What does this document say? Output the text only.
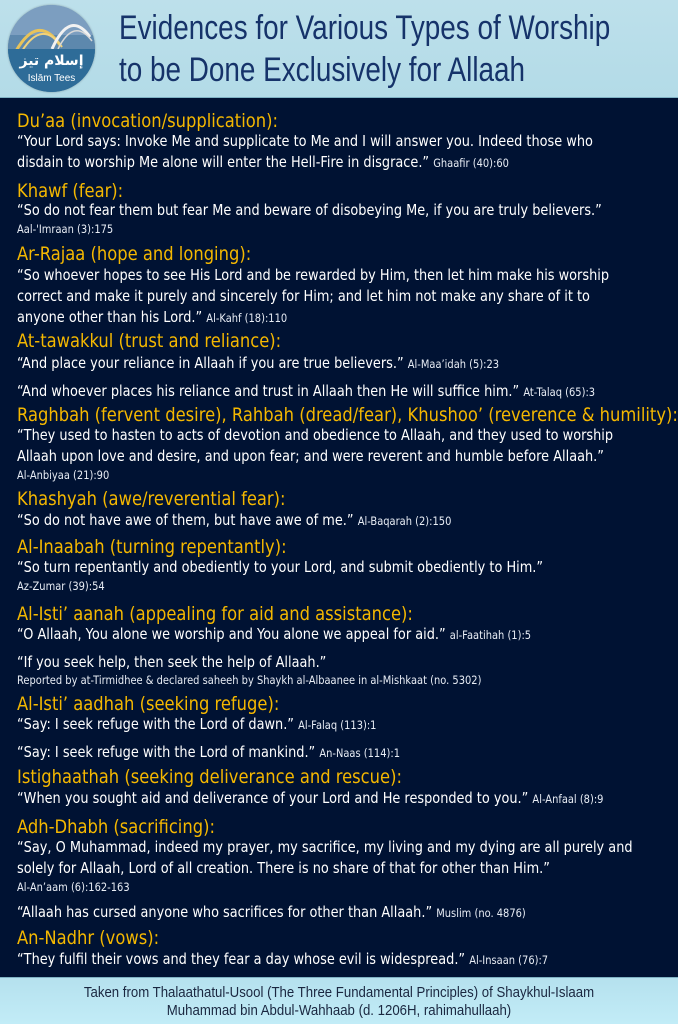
إسلام تيز
Islām Tees
Evidences for Various Types of Worship
to be Done Exclusively for Allaah
Du’aa (invocation/supplication):
“Your Lord says: Invoke Me and supplicate to Me and I will answer you. Indeed those who
disdain to worship Me alone will enter the Hell-Fire in disgrace.” Ghaafir (40):60
Khawf (fear):
“So do not fear them but fear Me and beware of disobeying Me, if you are truly believers.”
Aal-'Imraan (3):175
Ar-Rajaa (hope and longing):
“So whoever hopes to see His Lord and be rewarded by Him, then let him make his worship
correct and make it purely and sincerely for Him; and let him not make any share of it to
anyone other than his Lord.” Al-Kahf (18):110
At-tawakkul (trust and reliance):
“And place your reliance in Allaah if you are true believers.” Al-Maa’idah (5):23
“And whoever places his reliance and trust in Allaah then He will suffice him.” At-Talaq (65):3
Raghbah (fervent desire), Rahbah (dread/fear), Khushoo’ (reverence & humility):
“They used to hasten to acts of devotion and obedience to Allaah, and they used to worship
Allaah upon love and desire, and upon fear; and were reverent and humble before Allaah.”
Al-Anbiyaa (21):90
Khashyah (awe/reverential fear):
“So do not have awe of them, but have awe of me.” Al-Baqarah (2):150
Al-Inaabah (turning repentantly):
“So turn repentantly and obediently to your Lord, and submit obediently to Him.”
Az-Zumar (39):54
Al-Isti’ aanah (appealing for aid and assistance):
“O Allaah, You alone we worship and You alone we appeal for aid.” al-Faatihah (1):5
“If you seek help, then seek the help of Allaah.”
Reported by at-Tirmidhee & declared saheeh by Shaykh al-Albaanee in al-Mishkaat (no. 5302)
Al-Isti’ aadhah (seeking refuge):
“Say: I seek refuge with the Lord of dawn.” Al-Falaq (113):1
“Say: I seek refuge with the Lord of mankind.” An-Naas (114):1
Istighaathah (seeking deliverance and rescue):
“When you sought aid and deliverance of your Lord and He responded to you.” Al-Anfaal (8):9
Adh-Dhabh (sacrificing):
“Say, O Muhammad, indeed my prayer, my sacrifice, my living and my dying are all purely and
solely for Allaah, Lord of all creation. There is no share of that for other than Him.”
Al-An’aam (6):162-163
“Allaah has cursed anyone who sacrifices for other than Allaah.” Muslim (no. 4876)
An-Nadhr (vows):
“They fulfil their vows and they fear a day whose evil is widespread.” Al-Insaan (76):7
Taken from Thalaathatul-Usool (The Three Fundamental Principles) of Shaykhul-Islaam
Muhammad bin Abdul-Wahhaab (d. 1206H, rahimahullaah)
